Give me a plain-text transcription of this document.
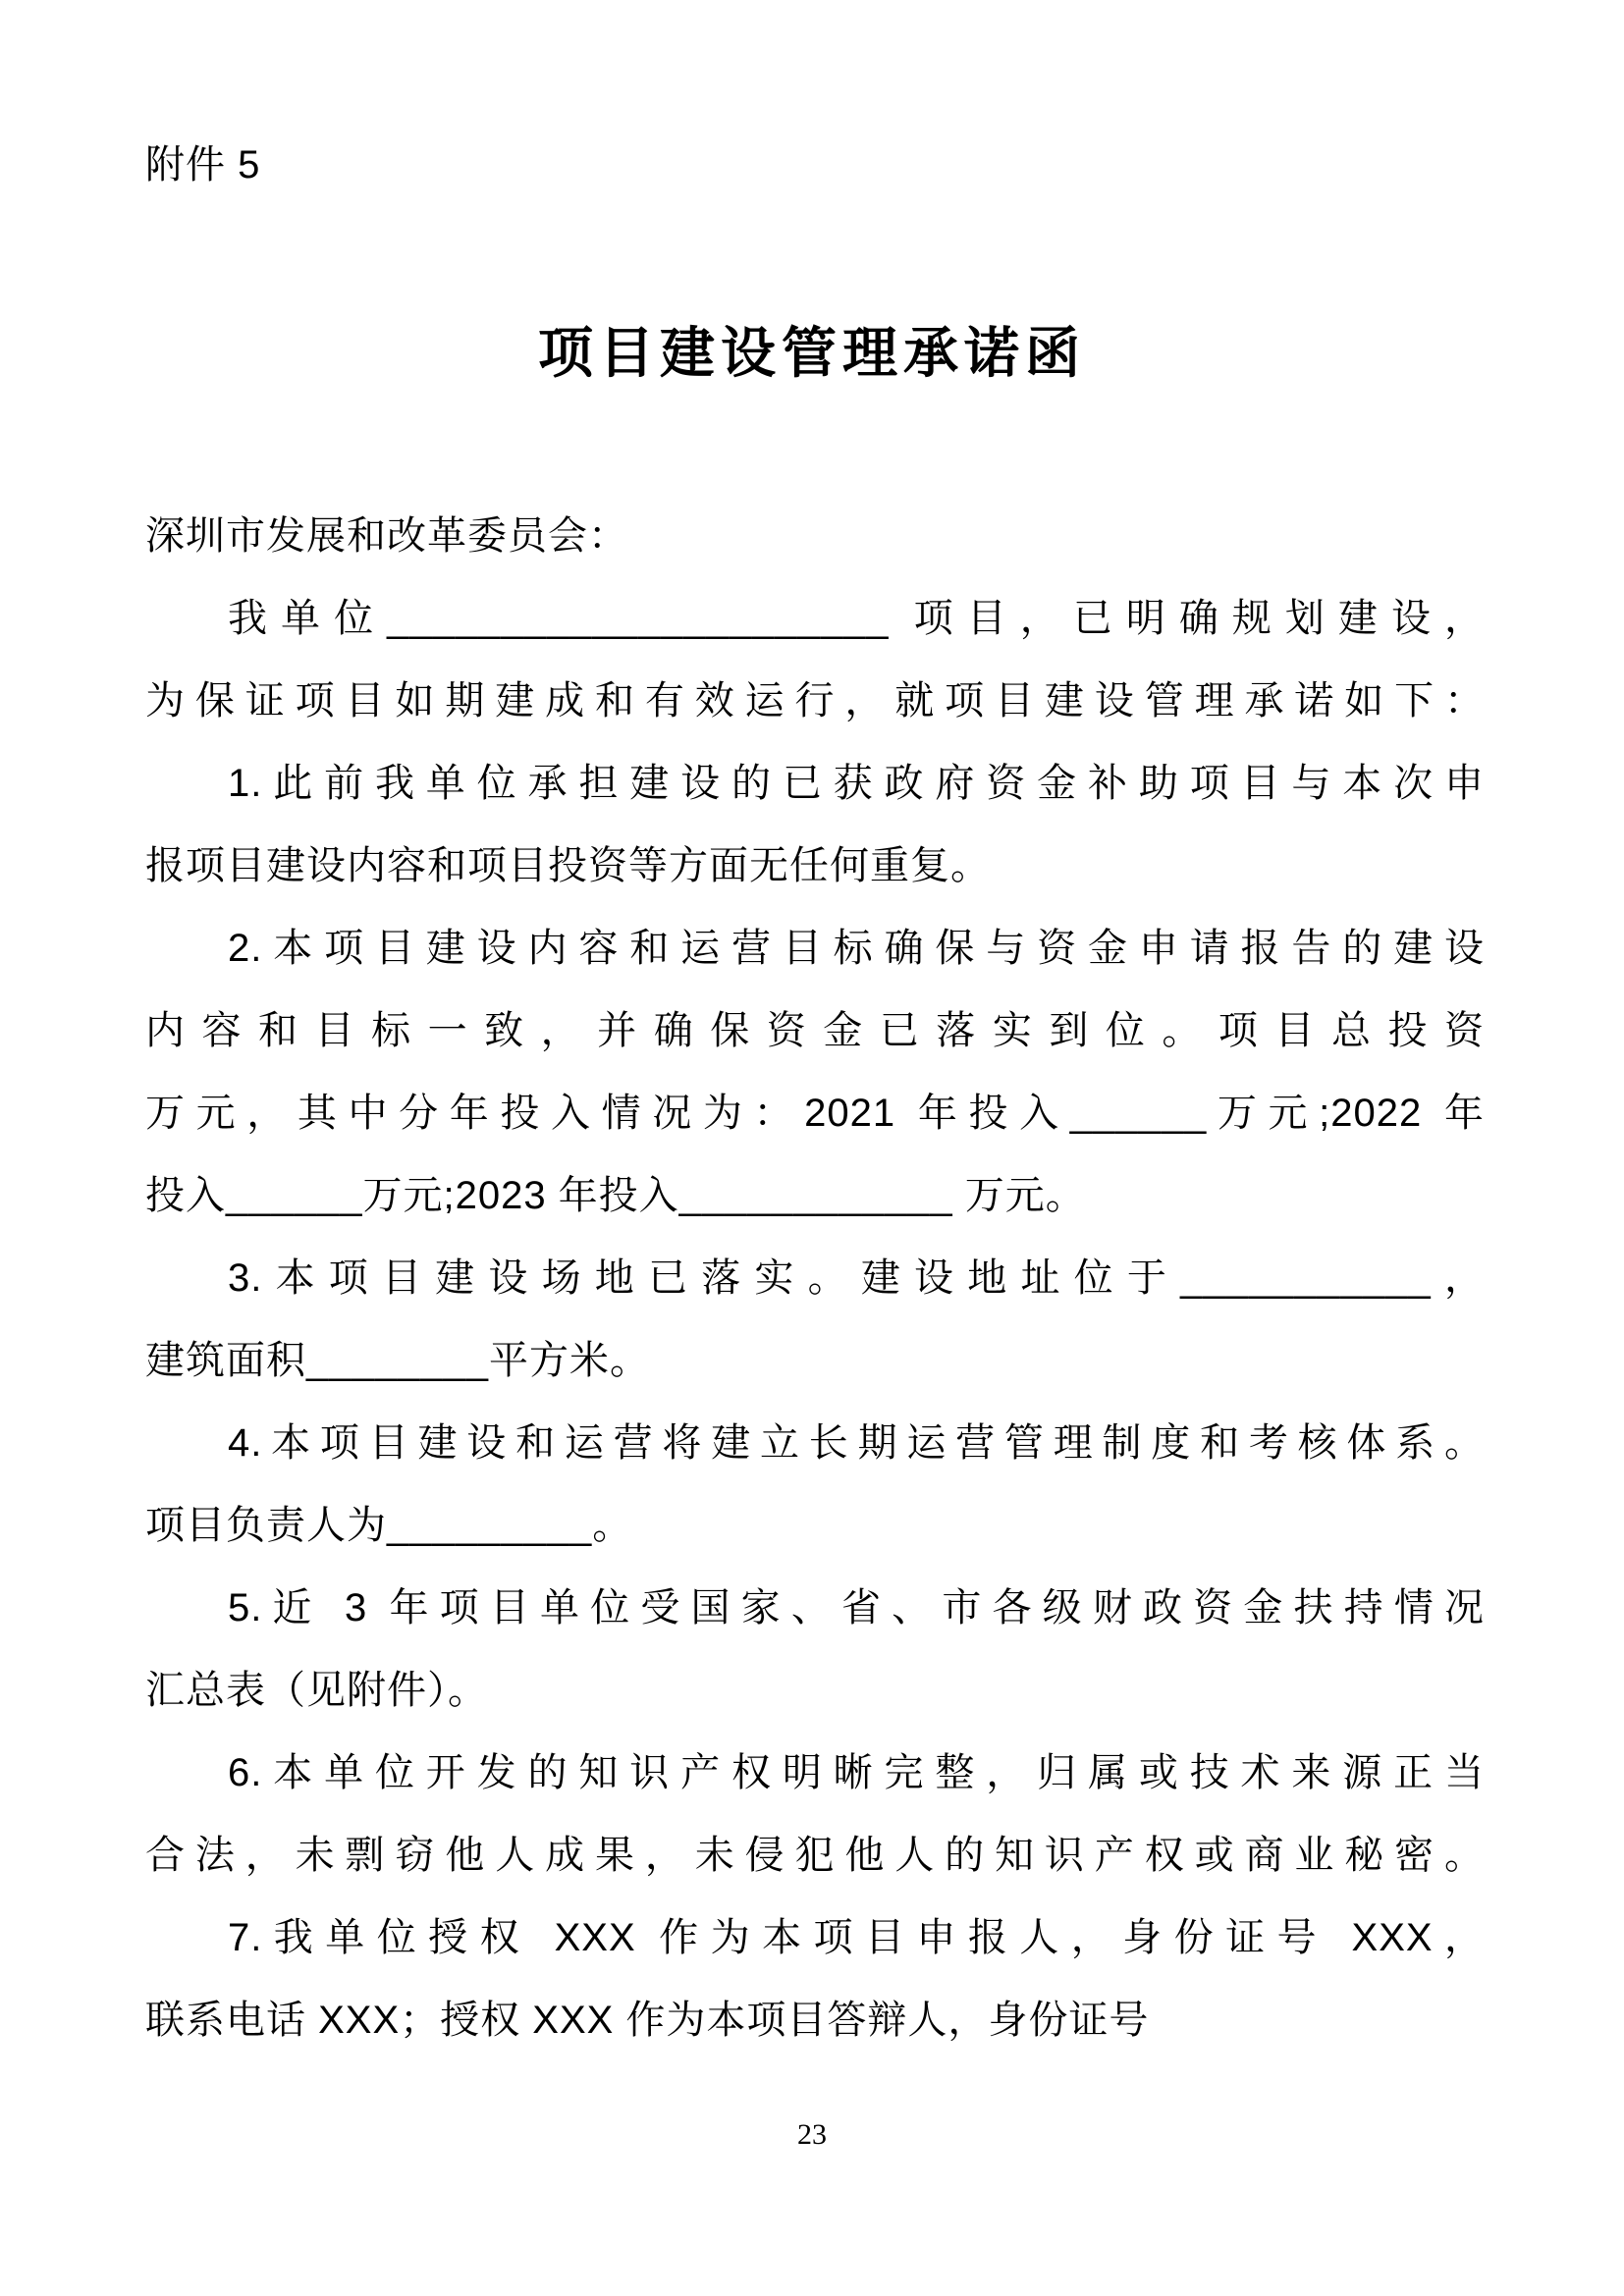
附件 5
项目建设管理承诺函
深圳市发展和改革委员会：
我单位______________________ 项目，已明确规划建设，
为保证项目如期建成和有效运行，就项目建设管理承诺如下：
1.此前我单位承担建设的已获政府资金补助项目与本次申
报项目建设内容和项目投资等方面无任何重复。
2.本项目建设内容和运营目标确保与资金申请报告的建设
内容和目标一致，并确保资金已落实到位。项目总投资
万元，其中分年投入情况为：2021 年投入______万元;2022 年
投入______万元;2023 年投入____________ 万元。
3.本项目建设场地已落实。建设地址位于___________，
建筑面积________平方米。
4.本项目建设和运营将建立长期运营管理制度和考核体系。
项目负责人为_________。
5.近 3 年项目单位受国家、省、市各级财政资金扶持情况
汇总表（见附件）。
6.本单位开发的知识产权明晰完整，归属或技术来源正当
合法，未剽窃他人成果，未侵犯他人的知识产权或商业秘密。
7.我单位授权 XXX 作为本项目申报人，身份证号 XXX，
联系电话 XXX；授权 XXX 作为本项目答辩人，身份证号
23
